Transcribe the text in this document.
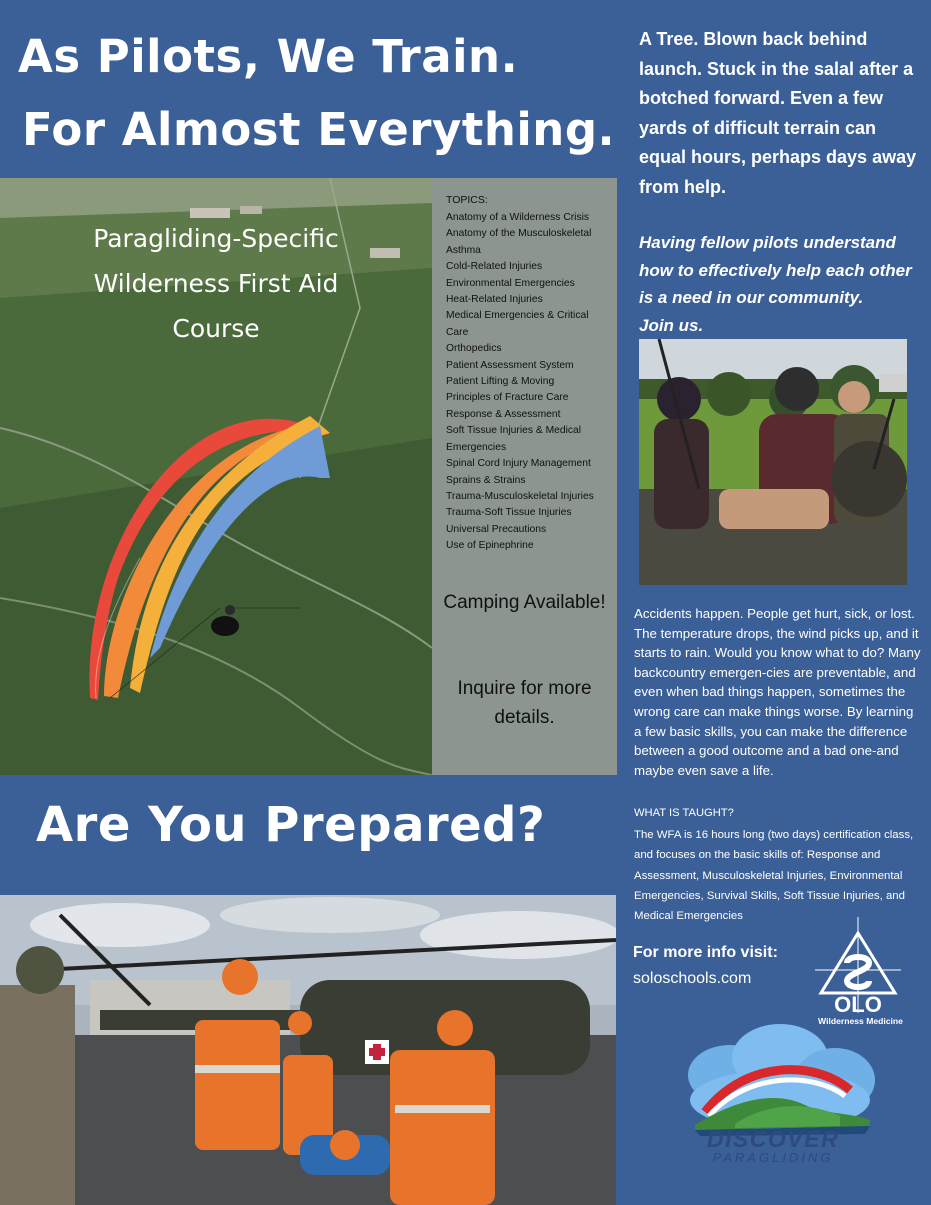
As Pilots, We Train.
For Almost Everything.
Paragliding-Specific
Wilderness First Aid
Course
TOPICS:
Anatomy of a Wilderness Crisis
Anatomy of the Musculoskeletal Asthma
Cold-Related Injuries
Environmental Emergencies
Heat-Related Injuries
Medical Emergencies & Critical Care
Orthopedics
Patient Assessment System
Patient Lifting & Moving
Principles of Fracture Care
Response & Assessment
Soft Tissue Injuries & Medical Emergencies
Spinal Cord Injury Management
Sprains & Strains
Trauma-Musculoskeletal Injuries
Trauma-Soft Tissue Injuries
Universal Precautions
Use of Epinephrine
Camping Available!
Inquire for more details.
A Tree. Blown back behind launch. Stuck in the salal after a botched forward. Even a few yards of difficult terrain can equal hours, perhaps days away from help.
Having fellow pilots understand how to effectively help each other is a need in our community.
Join us.
Accidents happen. People get hurt, sick, or lost. The temperature drops, the wind picks up, and it starts to rain. Would you know what to do? Many backcountry emergen-cies are preventable, and even when bad things happen, sometimes the wrong care can make things worse. By learning a few basic skills, you can make the difference between a good outcome and a bad one-and maybe even save a life.
WHAT IS TAUGHT?
The WFA is 16 hours long (two days) certification class, and focuses on the basic skills of: Response and Assessment, Musculoskeletal Injuries, Environmental Emergencies, Survival Skills, Soft Tissue Injuries, and Medical Emergencies
For more info visit:
soloschools.com
OLO
Wilderness Medicine
DISCOVER
PARAGLIDING
Are You Prepared?
